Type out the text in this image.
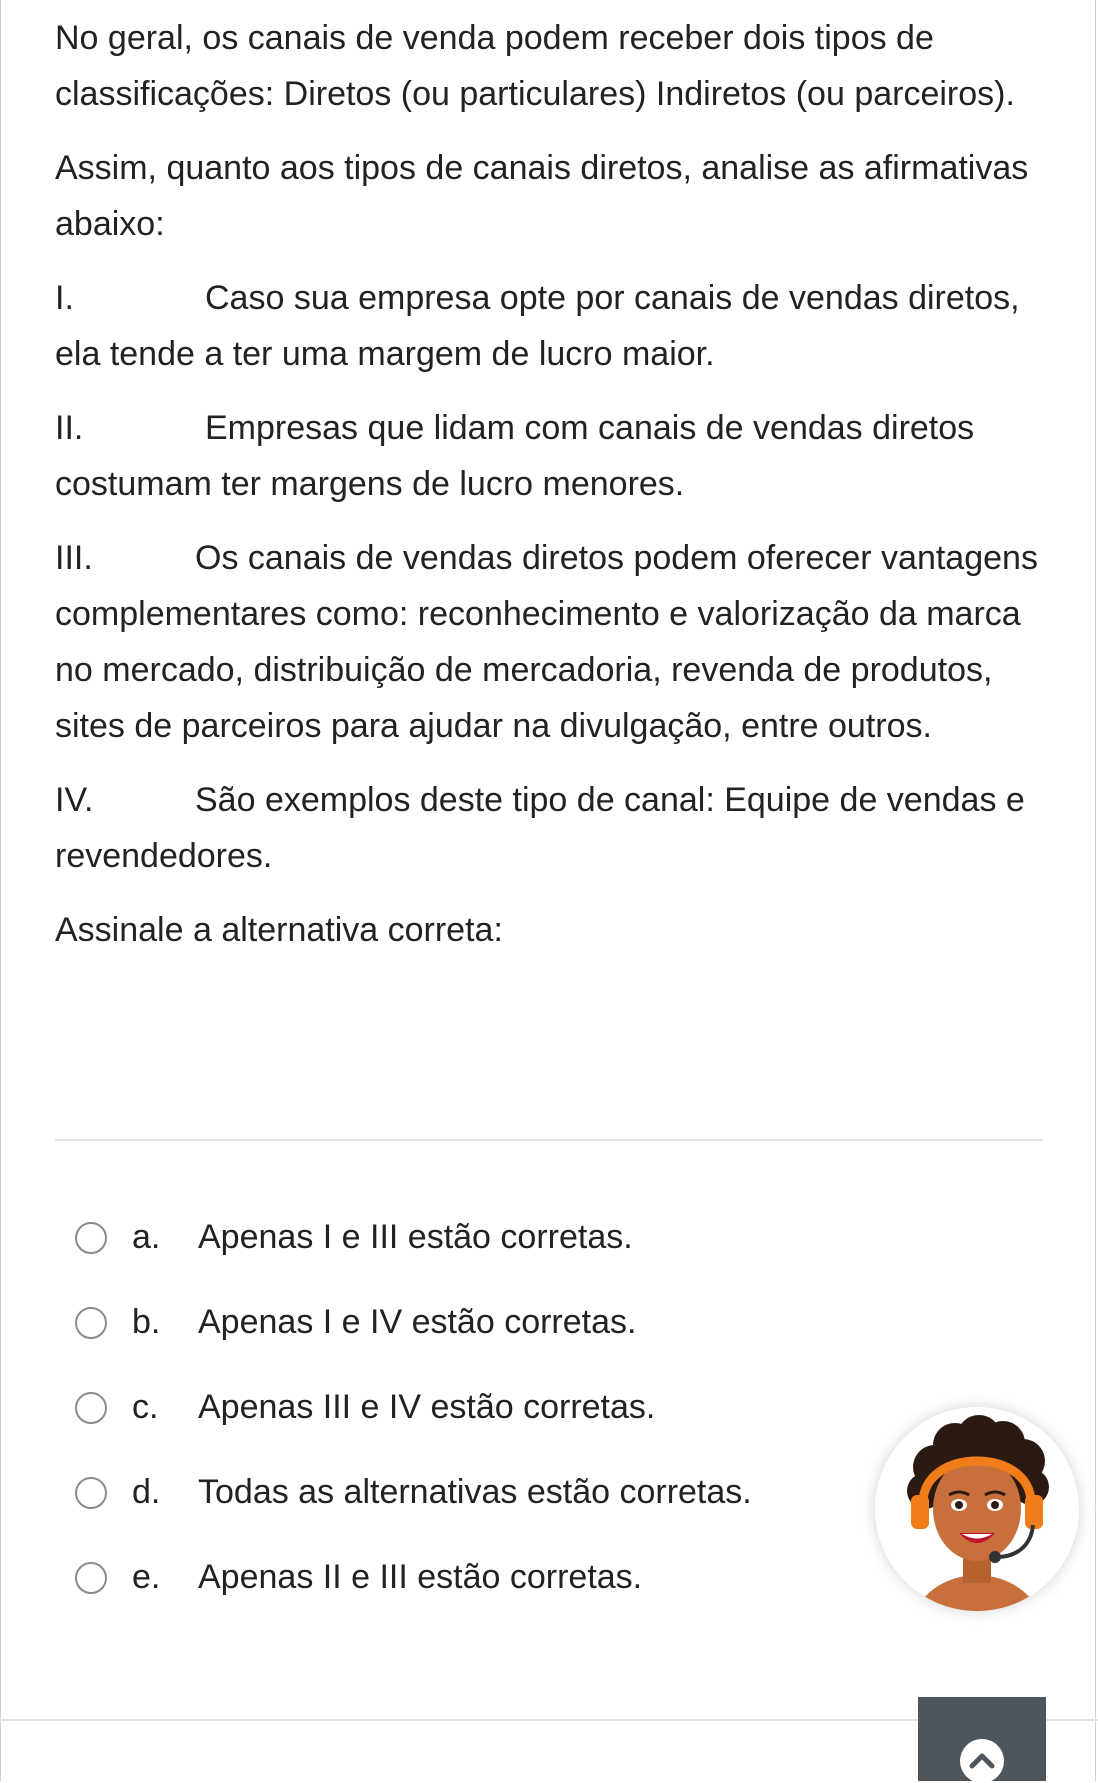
No geral, os canais de venda podem receber dois tipos de classificações: Diretos (ou particulares) Indiretos (ou parceiros).

Assim, quanto aos tipos de canais diretos, analise as afirmativas abaixo:

I.	Caso sua empresa opte por canais de vendas diretos, ela tende a ter uma margem de lucro maior.

II.	Empresas que lidam com canais de vendas diretos costumam ter margens de lucro menores.

III.	Os canais de vendas diretos podem oferecer vantagens complementares como: reconhecimento e valorização da marca no mercado, distribuição de mercadoria, revenda de produtos, sites de parceiros para ajudar na divulgação, entre outros.

IV.	São exemplos deste tipo de canal: Equipe de vendas e revendedores.

Assinale a alternativa correta:

a.	Apenas I e III estão corretas.
b.	Apenas I e IV estão corretas.
c.	Apenas III e IV estão corretas.
d.	Todas as alternativas estão corretas.
e.	Apenas II e III estão corretas.
